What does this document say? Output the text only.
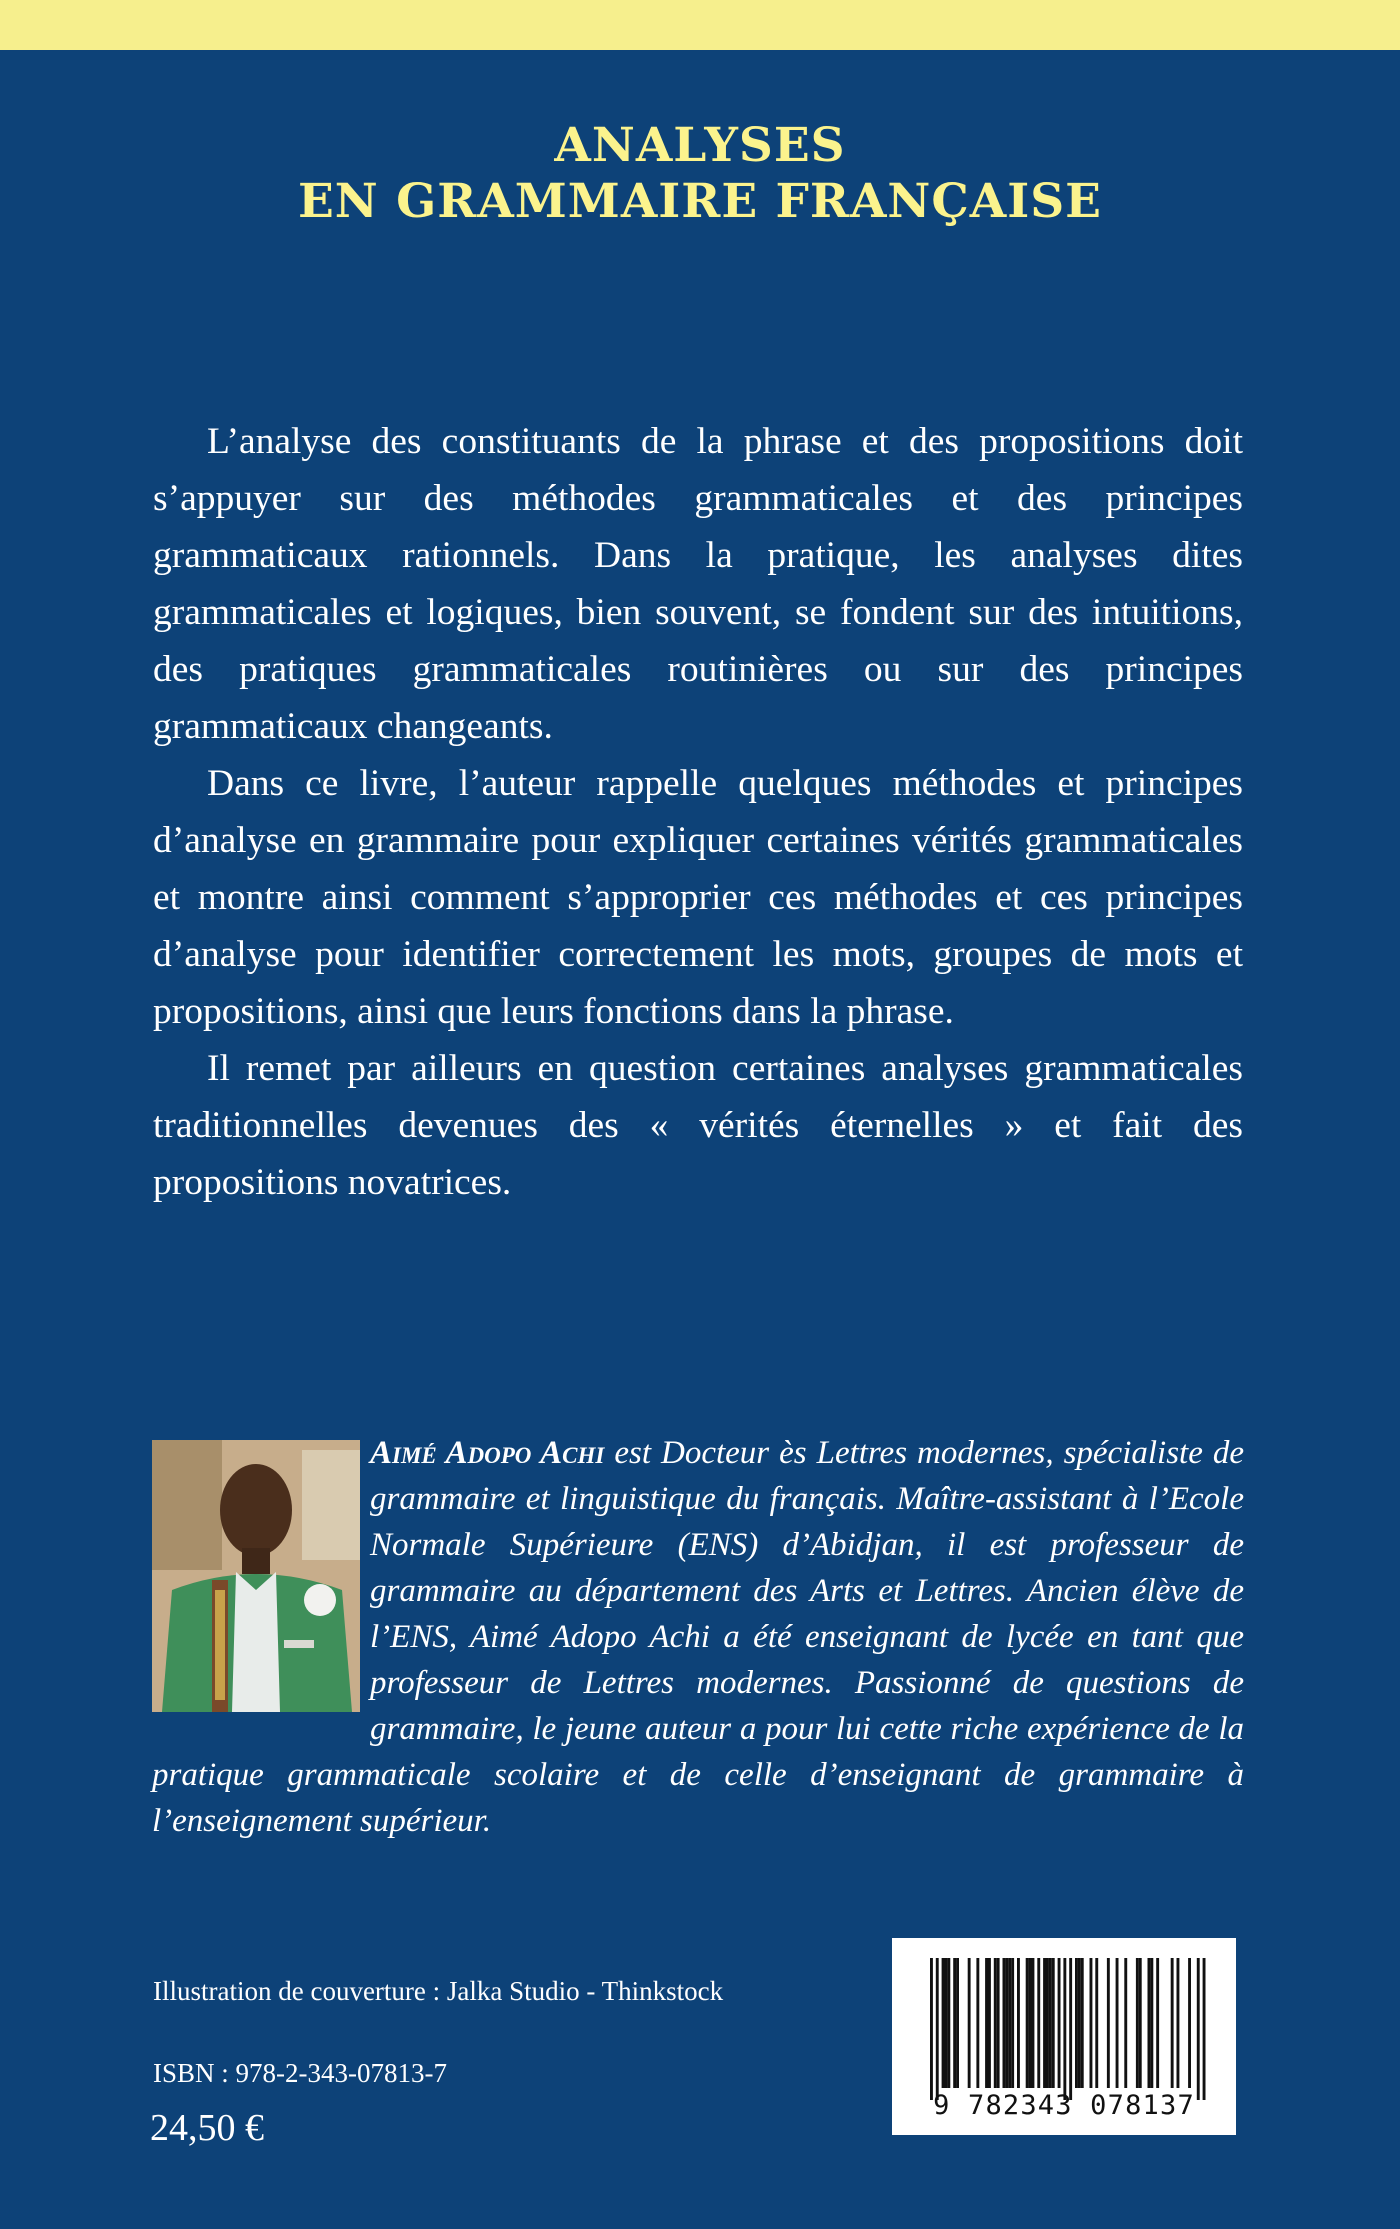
ANALYSES
EN GRAMMAIRE FRANÇAISE

L’analyse des constituants de la phrase et des propositions doit s’appuyer sur des méthodes grammaticales et des principes grammaticaux rationnels. Dans la pratique, les analyses dites grammaticales et logiques, bien souvent, se fondent sur des intuitions, des pratiques grammaticales routinières ou sur des principes grammaticaux changeants.

Dans ce livre, l’auteur rappelle quelques méthodes et principes d’analyse en grammaire pour expliquer certaines vérités grammaticales et montre ainsi comment s’approprier ces méthodes et ces principes d’analyse pour identifier correctement les mots, groupes de mots et propositions, ainsi que leurs fonctions dans la phrase.

Il remet par ailleurs en question certaines analyses grammaticales traditionnelles devenues des « vérités éternelles » et fait des propositions novatrices.

Aimé Adopo Achi est Docteur ès Lettres modernes, spécialiste de grammaire et linguistique du français. Maître-assistant à l’Ecole Normale Supérieure (ENS) d’Abidjan, il est professeur de grammaire au département des Arts et Lettres. Ancien élève de l’ENS, Aimé Adopo Achi a été enseignant de lycée en tant que professeur de Lettres modernes. Passionné de questions de grammaire, le jeune auteur a pour lui cette riche expérience de la pratique grammaticale scolaire et de celle d’enseignant de grammaire à l’enseignement supérieur.

Illustration de couverture : Jalka Studio - Thinkstock
ISBN : 978-2-343-07813-7
24,50 €
9 782343 078137
